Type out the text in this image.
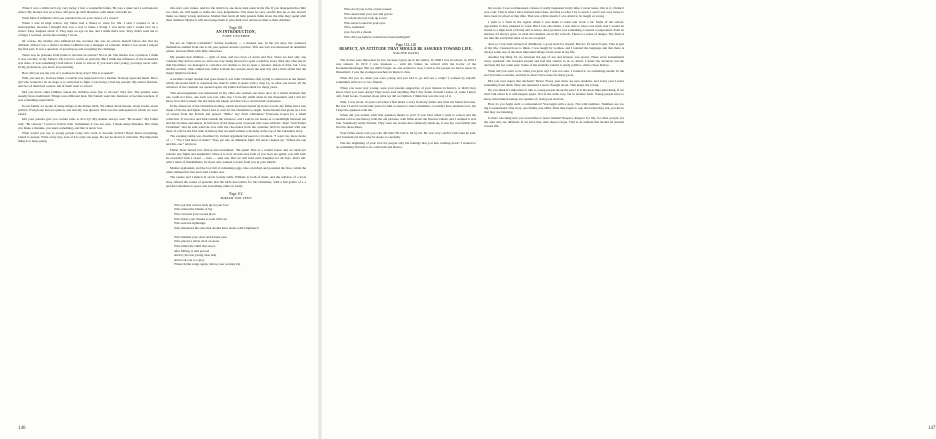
When I was a child, he'd say very lucky. I had a wonderful father. He was a quiet and a well-known writer. My mother was an actress. We grew up with literature, with music and with art.

What kind of influence did your parents have on your choice of a career?

When I was in high school, my father had a friend to write for life. I said I wanted to be a stenographer, because I thought that was a way to make a living. I was never sure I would ever be a writer. They laughed about it. They kept an eye on me, and I think that's true. They didn't send me to college; I worked, and in the evening I wrote.

Of course, my mother also influenced me, because she was an actress herself before she had six children. When I was a child a woman I admired was a manager of a theater. When I was seven I played my first part. It was a question of growing up and accepting the challenge.

There was no pressure from home to become an actress? Not at all. The theater was a passion. I think it was a hobby of my father's. He loved to watch us perform. But I think the influence of the household was there. It was something I had before I went to school. If you don't start young, you may never start. In my profession, you never stop learning.

How did you see the role of a woman in those days? Was it accepted?

Well, yes and no. In those times a woman was supposed to be a mother. Nobody expected much. But a girl who wanted to be on stage or to write had to fight. I was lucky, I had my parents. My sisters married, and two of them had careers. All of them went to school.

Did you know other families where the children were free to choose? Very few. The parents were usually more traditional. Things were different then. My friends went into business or became teachers. It was something respectable.

In our family we spoke of many things at the dinner table. We talked about theater, about books, about politics. Everybody had an opinion, and nobody was ignored. That was the atmosphere in which we were raised.

Did your parents give you certain rules to live by? My mother always said, "Be honest." My father said, "Be curious." I tried to follow both. Sometimes it was not easy. I made many mistakes. But when you make a mistake, you learn something, and that is never lost.

What would you say to young people today who want to become writers? Read. Read everything. Listen to people. Write every day, even if it is only one page. Do not be afraid of criticism. The important thing is to keep going.

this one's own values. And for the child it is one more dark point in his life. If you disappoint the child too often, he will begin to make his own judgements. You must be very careful that he or she doesn't make too many wrong decisions. Mother then leads all help parents think about the time they spend with their children. Maybe it will encourage them to give their love and more time to their children.

Page 101
AN INTRODUCTION,
FOBE UNGERER

We are an "almost Calvinistic" former Germany — a modern one. In the old days, the countries themselves studied from one to 24, just opened around a picture. This one was was measured an unskilled planet, and was filled with little characters.

My parents had children — girls of nine, and two boys of seven and five. Since we had only one calendar they had no rules, no such one way being allowed to open a window every third day. One day in mid December, we managed to convince our mother to let us open a window ahead of time, but I was terribly excited. This calmed me; rather it made me curious about the next day and a little afraid that the magic might be broken.

A terrible corrupt teacher had gone made it was with Christmas after trying to attend not in the theater which decorated itself to represent the church; when it opens with a drop by, as what one heard, all the windows of the calendar are opened again, my father had been silent for many years.

This encouragement was mentioned in my other one opened one more door on a winter moment that one could not have, one such was lost. One day, I bore my small sister in the mountains and I did not know how that worked, but she made me laugh, and that was a certain kind of pleasure.

In the afternoon of the Christmas holiday, which had been started up in the woods, my father had a tree made of blocks and lights. Then I had to wait for the Christmas to begin. Some friends had given us a box of sweets from the French and spread. "Hello" boy from Christmas? Everyone hoped for a small collection. It was nice and dark outside the windows, and I said in our house as a candlelight between ten and my brothers and sisters, in full view of the three parts of people who were with me. Then "well Father Christmas" and he said when he was with the chocolates from the calendar, he'll be rewarded with one more. It will be the first time in history that we shall witness a monster at the top of the Christmas story.

The evening stamp was disarmed by violent argument between two brothers. "I want two more decks of — " "No, I had more of mine!" They got into an immense fight. We never cleaned up. "Where the one and this one," and now.

Father Peter turned into fiction and exclaimed: "Be quiet! This is a careful house and we shall not tolerate any fights and arguments. Since it is now obvious that both of you boys are guilty, you will both be rewarded with a sweet — here — take one. But we will hold each daughter for all days. Don't tell, with a letter of thankfulness for those who wanted to learn from you in your minds".

Mother applauded, and the box full of remaining eggs. One scratched and pounded the floor, while the other stamped his feet and cried a bitter tear.

The sisters and I shared in secret twenty Little Winkies to both of them, and the window of a local shop offered the sound of presents that the birds had earlier for the Christmas, with a full goblet of a 1 and the Christmas to peace and everything came on easily.

Page 112
MIRIAM VAN VEEN
Who put that canvas back upon your face
Who untied the blanks of my
Who violated your sacred place
Who made your cheeks so pale with red
Who sent the lightnings
Who measured the stars that should have shone with brightness?

Who blinded your clear and honest eyes
Who placed a silver stick on stone
Who killed the child that stood,
after falling, is still proved
And by the last young wise ship
And took you to a grey
Where hymn songs again, before your soaring trip
146
Who stood you to the corner passed
Who desecrated your rest and graves
To whom did you look up to run
Who never looked in your eyes
Who, saddened
your face lit a dream
Who did you believe would have been intelligent?
Page 114–120
RESPECT, AN ATTITUDE THAT SHOULD BE ASSURED TOWARD LIFE,
WALTER DAVID

The stories were important for me, because I grew up in the sixties. In 1966 I was in school, in 1970 I was sixteen. In 1972 I was nineteen — with my father, he arrived with the horror of the Konzentrationslager. But we didn't forget, no-one wanted to stop. I said to the people we had to know in Dusseldorf. I saw the youngest teachers in Rezzo's class.

What did you do when you were young and you had to go and see a camp? I worked by myself, sometimes with two or two friends.

When you were very young, were your parents supportive of your interest in history, or didn't they know what you were doing? They never said anything. But I did. Some of them I knew of, some I knew only from books. I learned about what we did as children. I think that was the way of it.

Well, I was about 13 years old when I first heard a story from my father and what his father had seen. He was 74 and it would take years for him to answer. I don't remember, I wouldn't have understood it, but I kept the question with me.

When did you realize what that question meant to you? It was later when I went to school and the teacher told us the history with the old pictures, with films about the Warsaw Ghetto and I realized it was true. Somebody really did this. They were not stories that somebody made up, it was my own family that lived in those times.

Your father never told you who did this? He told it, bit by bit. He was very careful with what he said, and I understood later why he spoke so carefully.

Was the beginning of your love for people only the feelings that you had, nothing more? I wanted to do something that had to do with truth and history.

his words. I was so impressed, I mean, it really happened in my time. I never knew, this is it. I think it was a sin. That is what I have learned since then, and that is what I try to teach. I said I was very lucky to have been in school at that time. That was a little dream. I was afraid to be taught as wrong.

I went to a farm in the region where I was made to learn and work a lot. Some of the school, opposition to that, planned to work. But I was also made, I was able to know one truth, that I would be bound to a high level of living and to know. And yet there was something I wanted to experience from an interest, I'd always gone, as what the students are in my schools. There is a sense of danger. The farm is not like the world that most of us are accepted.

And so I was well advised of childhood, a good level for myself. But no, I'd never forget. This is part of my life. I learned how to think. I was taught by women, and I learned the language and that there is always some one of the most important things I have done in my life.

Another big thing for us, between the age of ten and sixteen, was sports. There were tournaments every weekend. We traveled around and had this chance to do so much. I made my decision, but the decision did not come easy. Some of the students wanted to study politics, others chose history.

What did you want to be when you grew up? I was not sure. I wanted to do something useful. In the end I became a teacher, and that is what I have done for thirty years.

Did you ever regret that decision? Never. Every year there are new students, and every year I learn something from them. They ask questions I never thought about. That keeps me young.

Do you think it's important to talk to young people about the past? It is the most important thing. If we don't talk about it, it will happen again. Not in the same way, but in another form. Young people have to know what human beings are capable of, both good and bad.

How do you begin such a conversation? You begin with a story. Not with numbers. Numbers are too big to understand. One story, one family, one child. Then they begin to ask. And when they ask, you know that they are listening.

Is there one thing that you would like to leave behind? Respect. Respect for life, for other people, for the ones who are different. If we have that, then there is hope. That is an attitude that should be assured toward life.

147
